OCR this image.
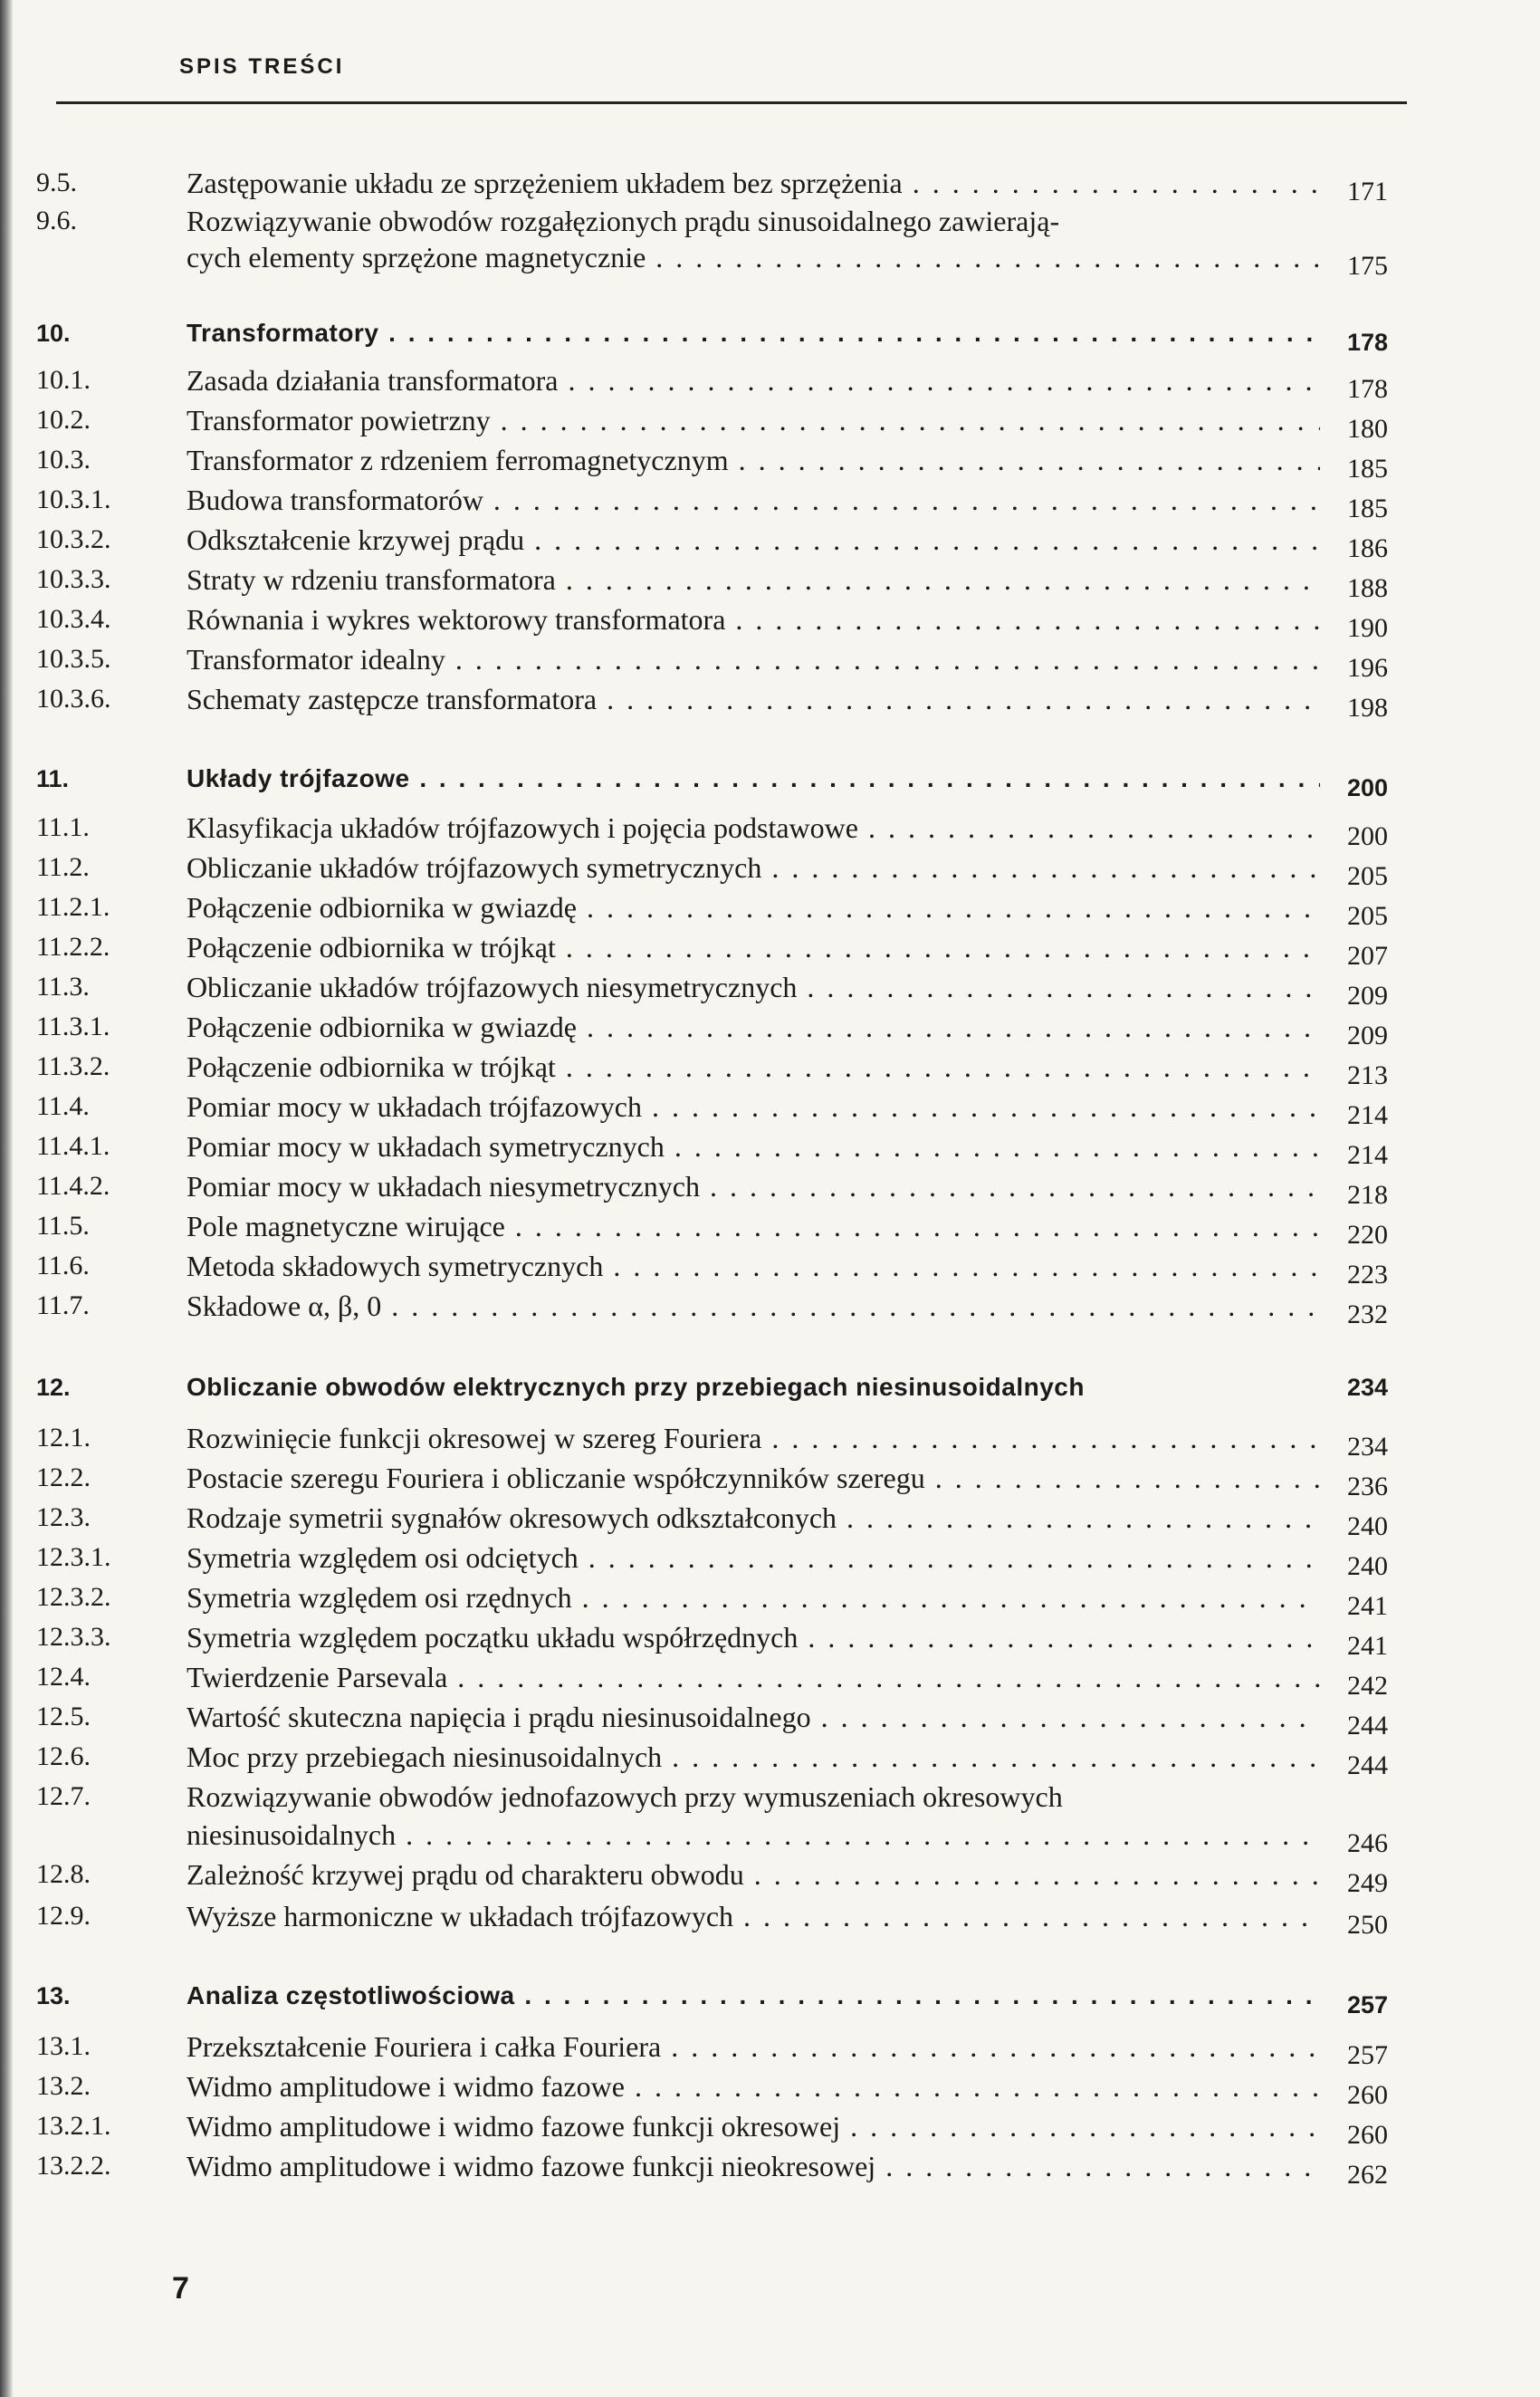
SPIS TREŚCI
9.5.	Zastępowanie układu ze sprzężeniem układem bez sprzężenia . . .	171
9.6.	Rozwiązywanie obwodów rozgałęzionych prądu sinusoidalnego zawierają-
cych elementy sprzężone magnetycznie . . .	175
10.	Transformatory . . .	178
10.1.	Zasada działania transformatora . . .	178
10.2.	Transformator powietrzny . . .	180
10.3.	Transformator z rdzeniem ferromagnetycznym . . .	185
10.3.1.	Budowa transformatorów . . .	185
10.3.2.	Odkształcenie krzywej prądu . . .	186
10.3.3.	Straty w rdzeniu transformatora . . .	188
10.3.4.	Równania i wykres wektorowy transformatora . . .	190
10.3.5.	Transformator idealny . . .	196
10.3.6.	Schematy zastępcze transformatora . . .	198
11.	Układy trójfazowe . . .	200
11.1.	Klasyfikacja układów trójfazowych i pojęcia podstawowe . . .	200
11.2.	Obliczanie układów trójfazowych symetrycznych . . .	205
11.2.1.	Połączenie odbiornika w gwiazdę . . .	205
11.2.2.	Połączenie odbiornika w trójkąt . . .	207
11.3.	Obliczanie układów trójfazowych niesymetrycznych . . .	209
11.3.1.	Połączenie odbiornika w gwiazdę . . .	209
11.3.2.	Połączenie odbiornika w trójkąt . . .	213
11.4.	Pomiar mocy w układach trójfazowych . . .	214
11.4.1.	Pomiar mocy w układach symetrycznych . . .	214
11.4.2.	Pomiar mocy w układach niesymetrycznych . . .	218
11.5.	Pole magnetyczne wirujące . . .	220
11.6.	Metoda składowych symetrycznych . . .	223
11.7.	Składowe α, β, 0 . . .	232
12.	Obliczanie obwodów elektrycznych przy przebiegach niesinusoidalnych	234
12.1.	Rozwinięcie funkcji okresowej w szereg Fouriera . . .	234
12.2.	Postacie szeregu Fouriera i obliczanie współczynników szeregu . . .	236
12.3.	Rodzaje symetrii sygnałów okresowych odkształconych . . .	240
12.3.1.	Symetria względem osi odciętych . . .	240
12.3.2.	Symetria względem osi rzędnych . . .	241
12.3.3.	Symetria względem początku układu współrzędnych . . .	241
12.4.	Twierdzenie Parsevala . . .	242
12.5.	Wartość skuteczna napięcia i prądu niesinusoidalnego . . .	244
12.6.	Moc przy przebiegach niesinusoidalnych . . .	244
12.7.	Rozwiązywanie obwodów jednofazowych przy wymuszeniach okresowych
niesinusoidalnych . . .	246
12.8.	Zależność krzywej prądu od charakteru obwodu . . .	249
12.9.	Wyższe harmoniczne w układach trójfazowych . . .	250
13.	Analiza częstotliwościowa . . .	257
13.1.	Przekształcenie Fouriera i całka Fouriera . . .	257
13.2.	Widmo amplitudowe i widmo fazowe . . .	260
13.2.1.	Widmo amplitudowe i widmo fazowe funkcji okresowej . . .	260
13.2.2.	Widmo amplitudowe i widmo fazowe funkcji nieokresowej . . .	262
7
